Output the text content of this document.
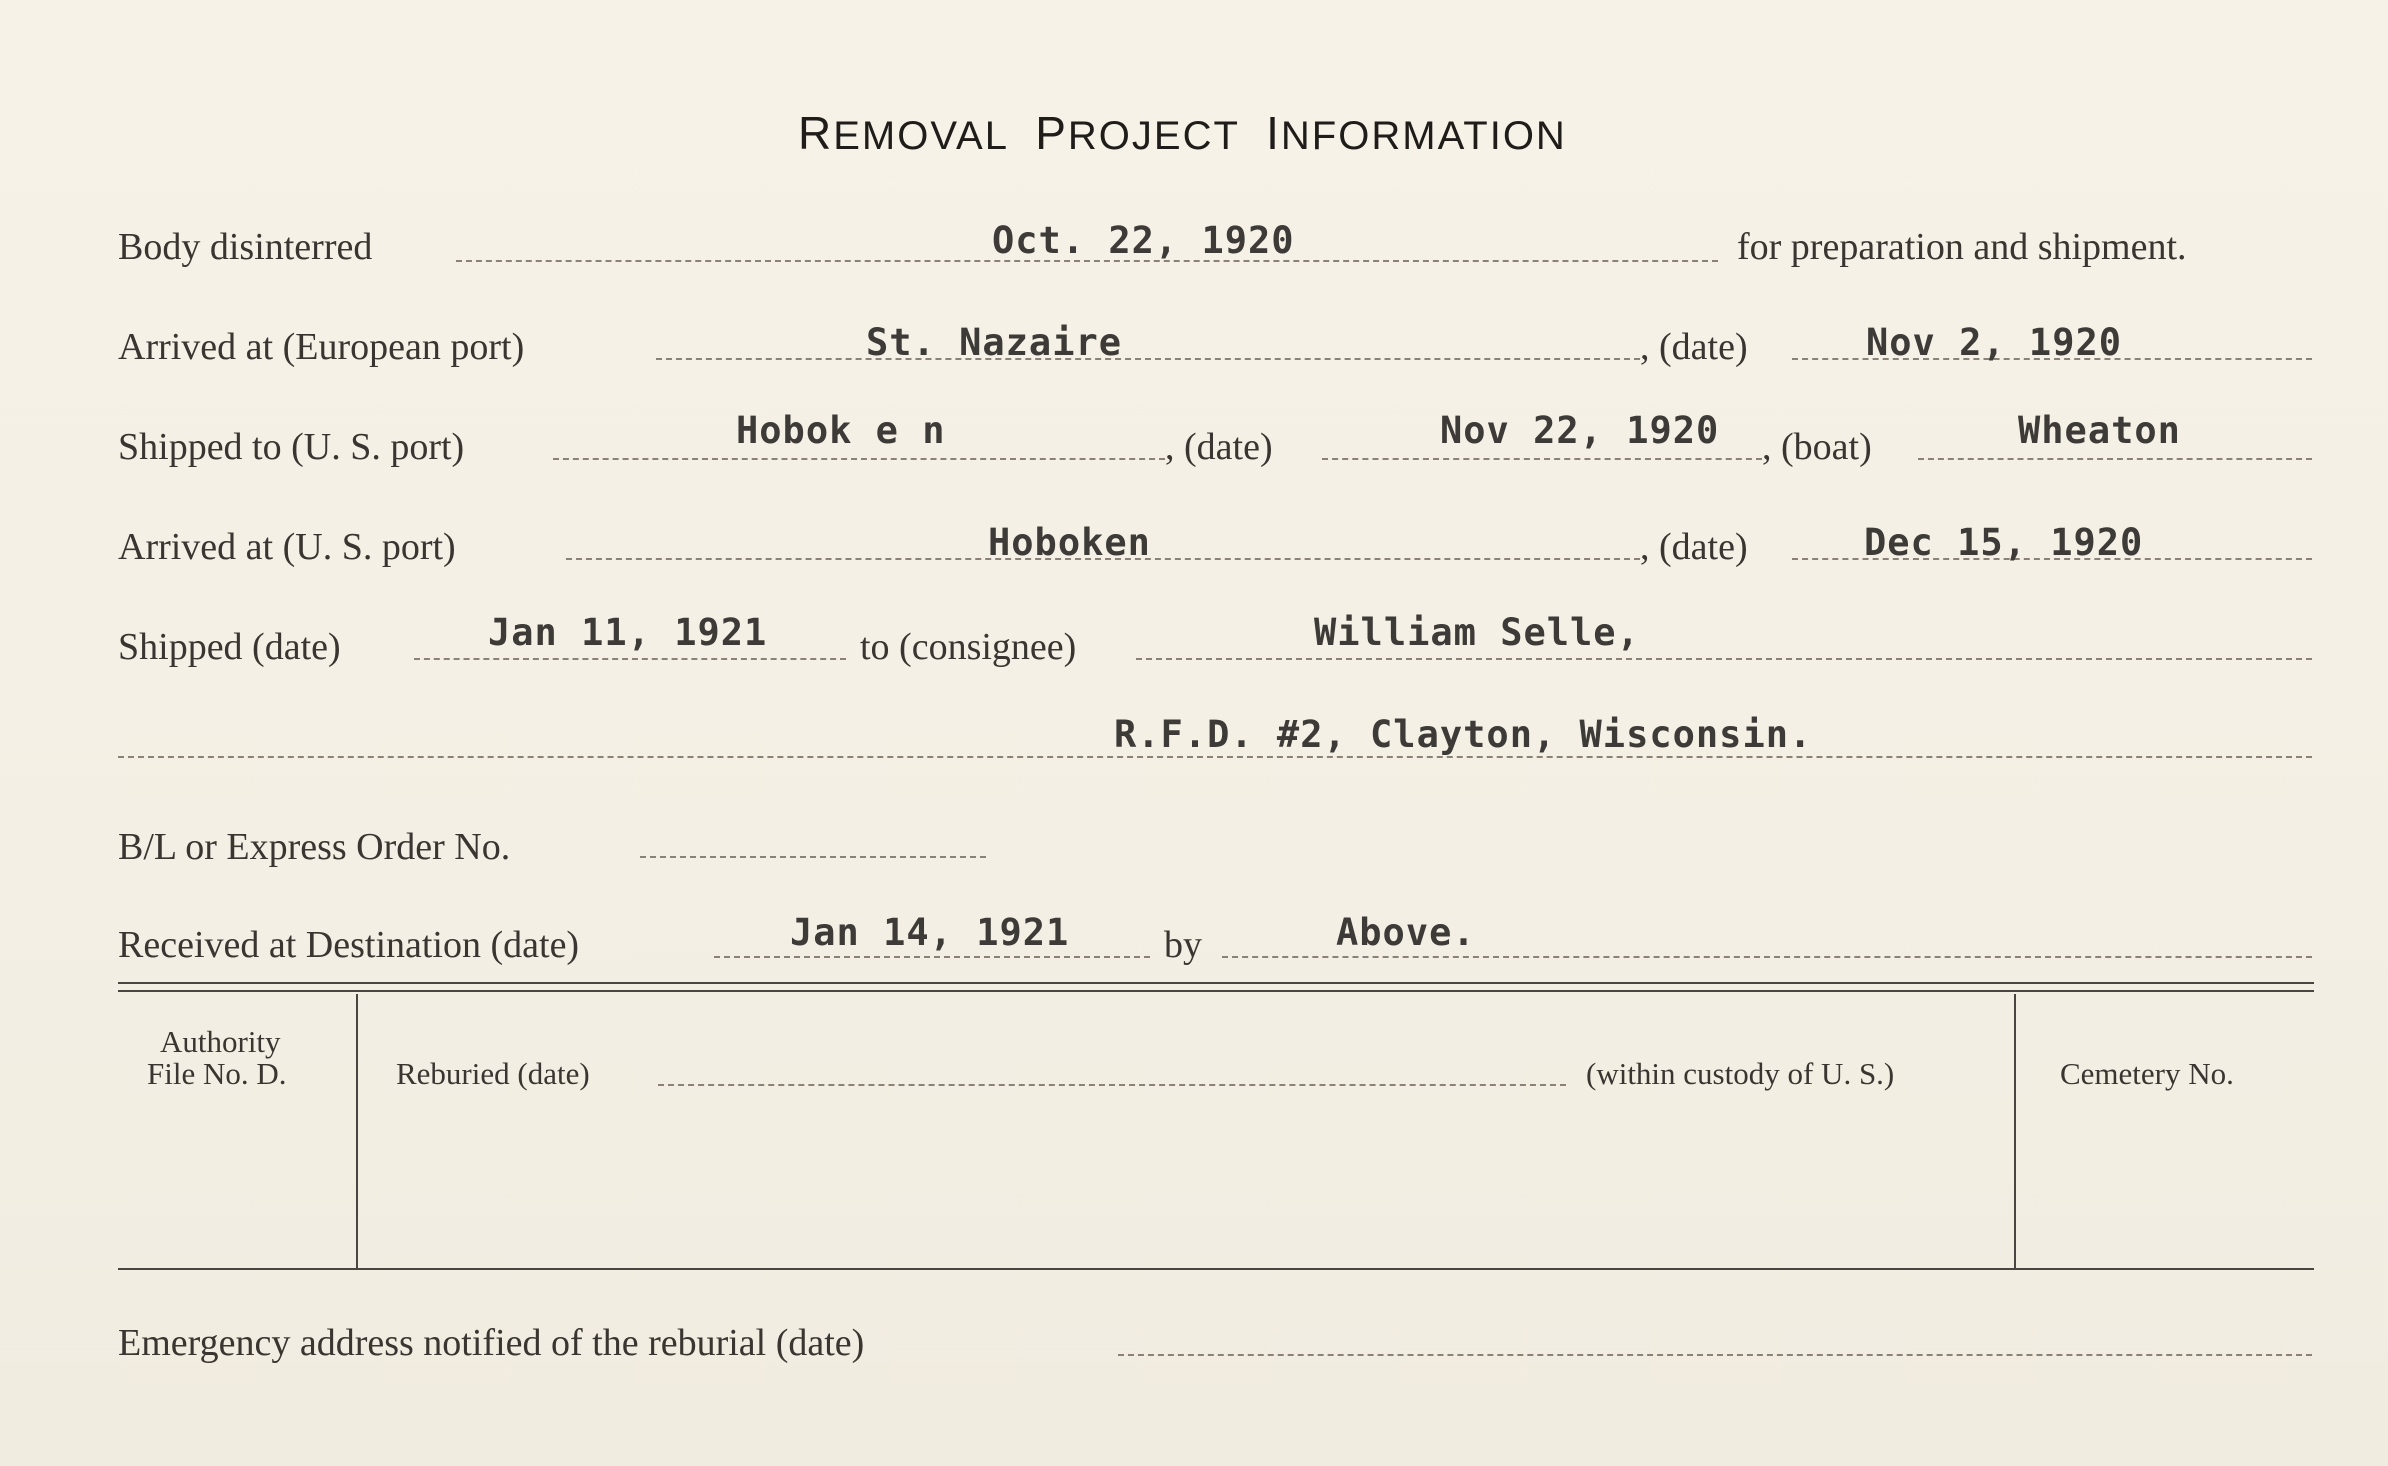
REMOVAL PROJECT INFORMATION
Body disinterred	Oct. 22, 1920	for preparation and shipment.
Arrived at (European port)	St. Nazaire	, (date)	Nov 2, 1920
Shipped to (U. S. port)	Hobok e n	, (date)	Nov 22, 1920 , (boat)	Wheaton
Arrived at (U. S. port)	Hoboken	, (date)	Dec 15, 1920
Shipped (date)	Jan 11, 1921 to (consignee)	William Selle,
R.F.D. #2, Clayton, Wisconsin.
B/L or Express Order No.
Received at Destination (date)	Jan 14, 1921 by	Above.
Authority
File No. D.	Reburied (date)	(within custody of U. S.)	Cemetery No.
Emergency address notified of the reburial (date)
